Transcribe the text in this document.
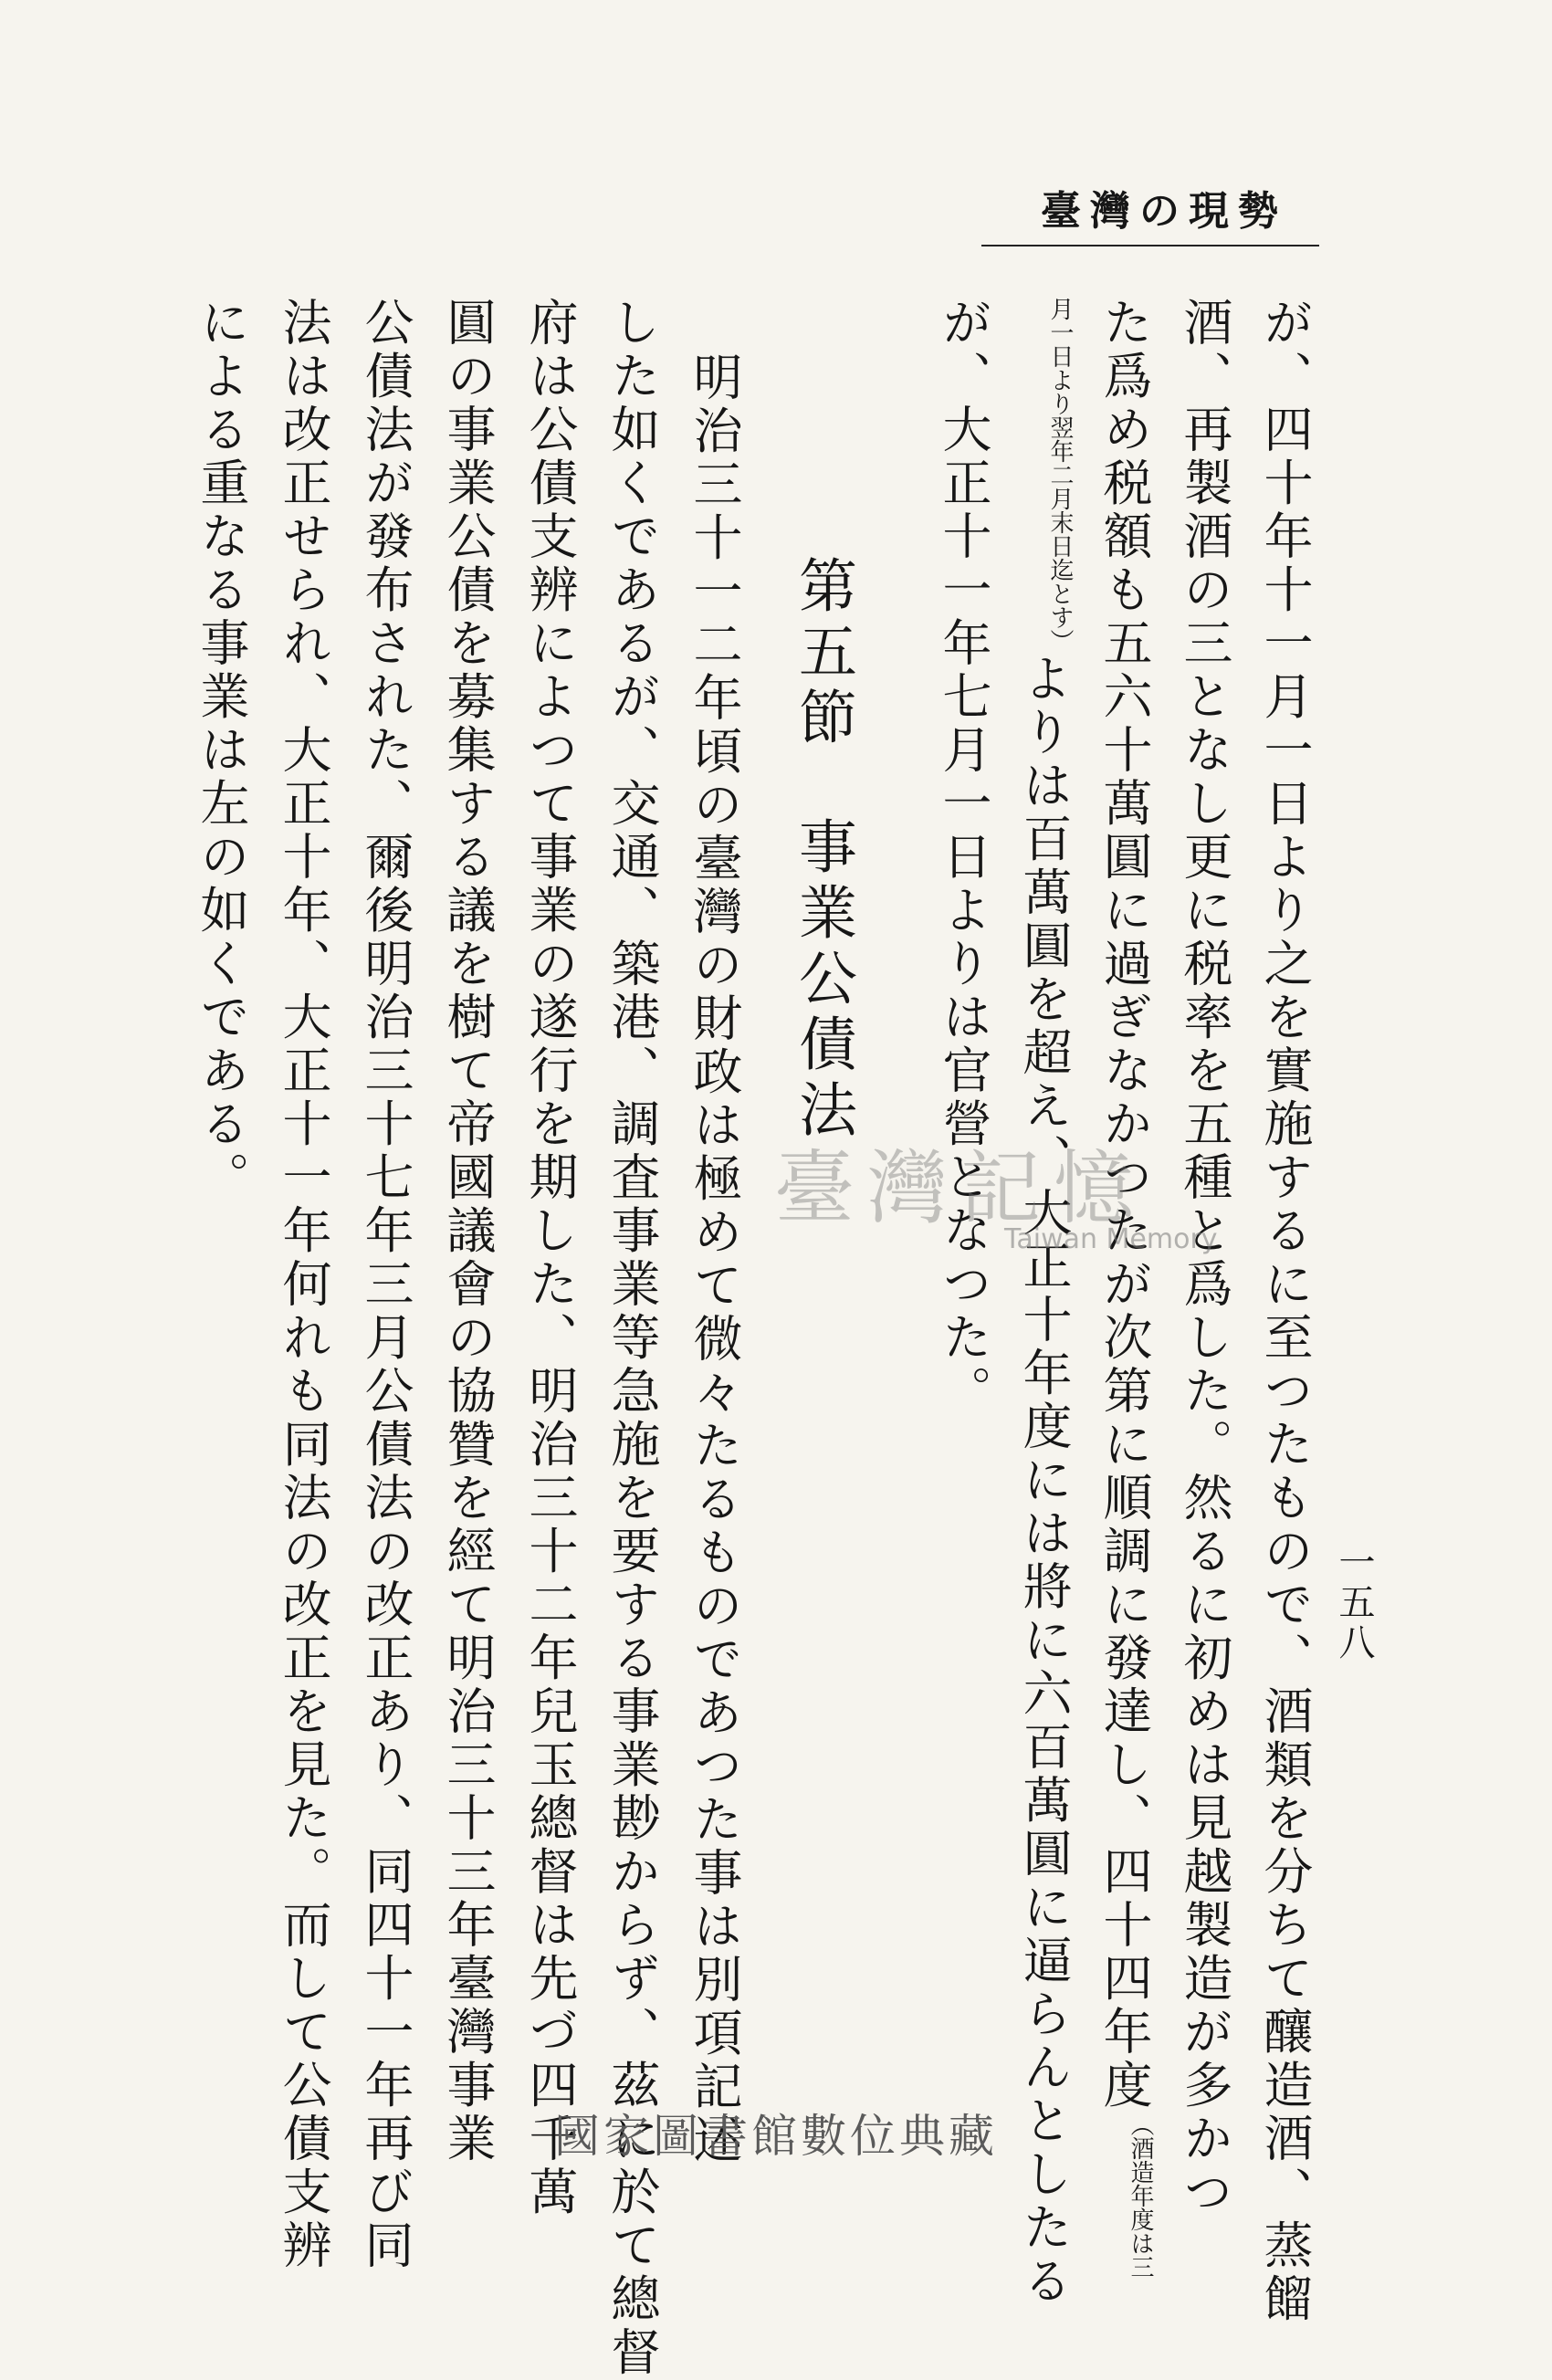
臺灣の現勢
一五八
が、四十年十一月一日より之を實施するに至つたもので、酒類を分ちて釀造酒、蒸餾
酒、再製酒の三となし更に税率を五種と爲した。然るに初めは見越製造が多かつ
た爲め税額も五六十萬圓に過ぎなかつたが次第に順調に發達し、四十四年度（酒造年度は三
月一日より翌年二月末日迄とす）よりは百萬圓を超え、大正十年度には將に六百萬圓に逼らんとしたる
が、大正十一年七月一日よりは官營となつた。
第五節事業公債法
明治三十一二年頃の臺灣の財政は極めて微々たるものであつた事は別項記述
した如くであるが、交通、築港、調査事業等急施を要する事業尠からず、茲に於て總督
府は公債支辨によつて事業の遂行を期した、明治三十二年兒玉總督は先づ四千萬
圓の事業公債を募集する議を樹て帝國議會の協贊を經て明治三十三年臺灣事業
公債法が發布された、爾後明治三十七年三月公債法の改正あり、同四十一年再び同
法は改正せられ、大正十年、大正十一年何れも同法の改正を見た。而して公債支辨
による重なる事業は左の如くである。	臺灣記憶
Taiwan Memory
國家圖書館數位典藏
